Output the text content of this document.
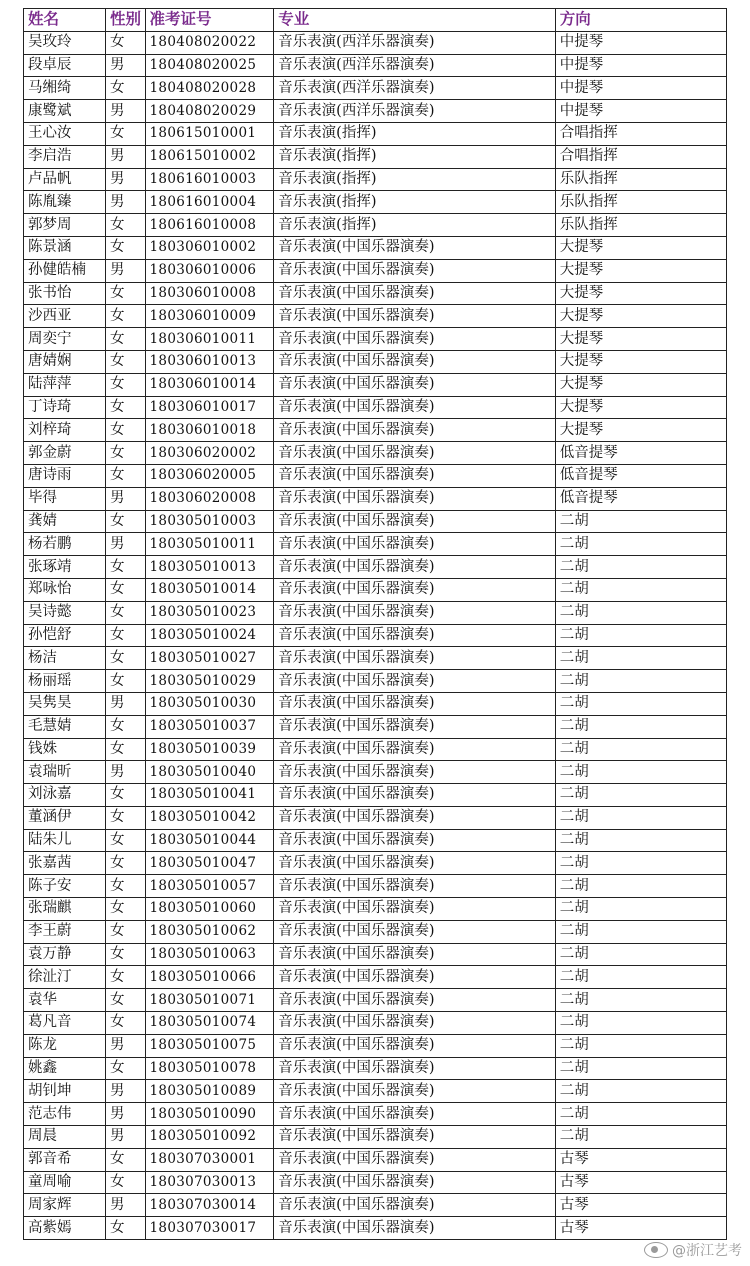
姓名	性别	准考证号	专业	方向
吴玫玲	女	180408020022	音乐表演(西洋乐器演奏)	中提琴
段卓辰	男	180408020025	音乐表演(西洋乐器演奏)	中提琴
马缃绮	女	180408020028	音乐表演(西洋乐器演奏)	中提琴
康鹭斌	男	180408020029	音乐表演(西洋乐器演奏)	中提琴
王心汝	女	180615010001	音乐表演(指挥)	合唱指挥
李启浩	男	180615010002	音乐表演(指挥)	合唱指挥
卢品帆	男	180616010003	音乐表演(指挥)	乐队指挥
陈胤臻	男	180616010004	音乐表演(指挥)	乐队指挥
郭梦周	女	180616010008	音乐表演(指挥)	乐队指挥
陈景涵	女	180306010002	音乐表演(中国乐器演奏)	大提琴
孙健皓楠	男	180306010006	音乐表演(中国乐器演奏)	大提琴
张书怡	女	180306010008	音乐表演(中国乐器演奏)	大提琴
沙西亚	女	180306010009	音乐表演(中国乐器演奏)	大提琴
周奕宁	女	180306010011	音乐表演(中国乐器演奏)	大提琴
唐婧娴	女	180306010013	音乐表演(中国乐器演奏)	大提琴
陆萍萍	女	180306010014	音乐表演(中国乐器演奏)	大提琴
丁诗琦	女	180306010017	音乐表演(中国乐器演奏)	大提琴
刘梓琦	女	180306010018	音乐表演(中国乐器演奏)	大提琴
郭金蔚	女	180306020002	音乐表演(中国乐器演奏)	低音提琴
唐诗雨	女	180306020005	音乐表演(中国乐器演奏)	低音提琴
毕得	男	180306020008	音乐表演(中国乐器演奏)	低音提琴
龚婧	女	180305010003	音乐表演(中国乐器演奏)	二胡
杨若鹏	男	180305010011	音乐表演(中国乐器演奏)	二胡
张琢靖	女	180305010013	音乐表演(中国乐器演奏)	二胡
郑咏怡	女	180305010014	音乐表演(中国乐器演奏)	二胡
吴诗懿	女	180305010023	音乐表演(中国乐器演奏)	二胡
孙恺舒	女	180305010024	音乐表演(中国乐器演奏)	二胡
杨洁	女	180305010027	音乐表演(中国乐器演奏)	二胡
杨丽瑶	女	180305010029	音乐表演(中国乐器演奏)	二胡
吴隽昊	男	180305010030	音乐表演(中国乐器演奏)	二胡
毛慧婧	女	180305010037	音乐表演(中国乐器演奏)	二胡
钱姝	女	180305010039	音乐表演(中国乐器演奏)	二胡
袁瑞昕	男	180305010040	音乐表演(中国乐器演奏)	二胡
刘泳嘉	女	180305010041	音乐表演(中国乐器演奏)	二胡
董涵伊	女	180305010042	音乐表演(中国乐器演奏)	二胡
陆朱儿	女	180305010044	音乐表演(中国乐器演奏)	二胡
张嘉茜	女	180305010047	音乐表演(中国乐器演奏)	二胡
陈子安	女	180305010057	音乐表演(中国乐器演奏)	二胡
张瑞麒	女	180305010060	音乐表演(中国乐器演奏)	二胡
李王蔚	女	180305010062	音乐表演(中国乐器演奏)	二胡
袁万静	女	180305010063	音乐表演(中国乐器演奏)	二胡
徐沚汀	女	180305010066	音乐表演(中国乐器演奏)	二胡
袁华	女	180305010071	音乐表演(中国乐器演奏)	二胡
葛凡音	女	180305010074	音乐表演(中国乐器演奏)	二胡
陈龙	男	180305010075	音乐表演(中国乐器演奏)	二胡
姚鑫	女	180305010078	音乐表演(中国乐器演奏)	二胡
胡钊坤	男	180305010089	音乐表演(中国乐器演奏)	二胡
范志伟	男	180305010090	音乐表演(中国乐器演奏)	二胡
周晨	男	180305010092	音乐表演(中国乐器演奏)	二胡
郭音希	女	180307030001	音乐表演(中国乐器演奏)	古琴
童周喻	女	180307030013	音乐表演(中国乐器演奏)	古琴
周家辉	男	180307030014	音乐表演(中国乐器演奏)	古琴
高紫嫣	女	180307030017	音乐表演(中国乐器演奏)	古琴
@浙江艺考
